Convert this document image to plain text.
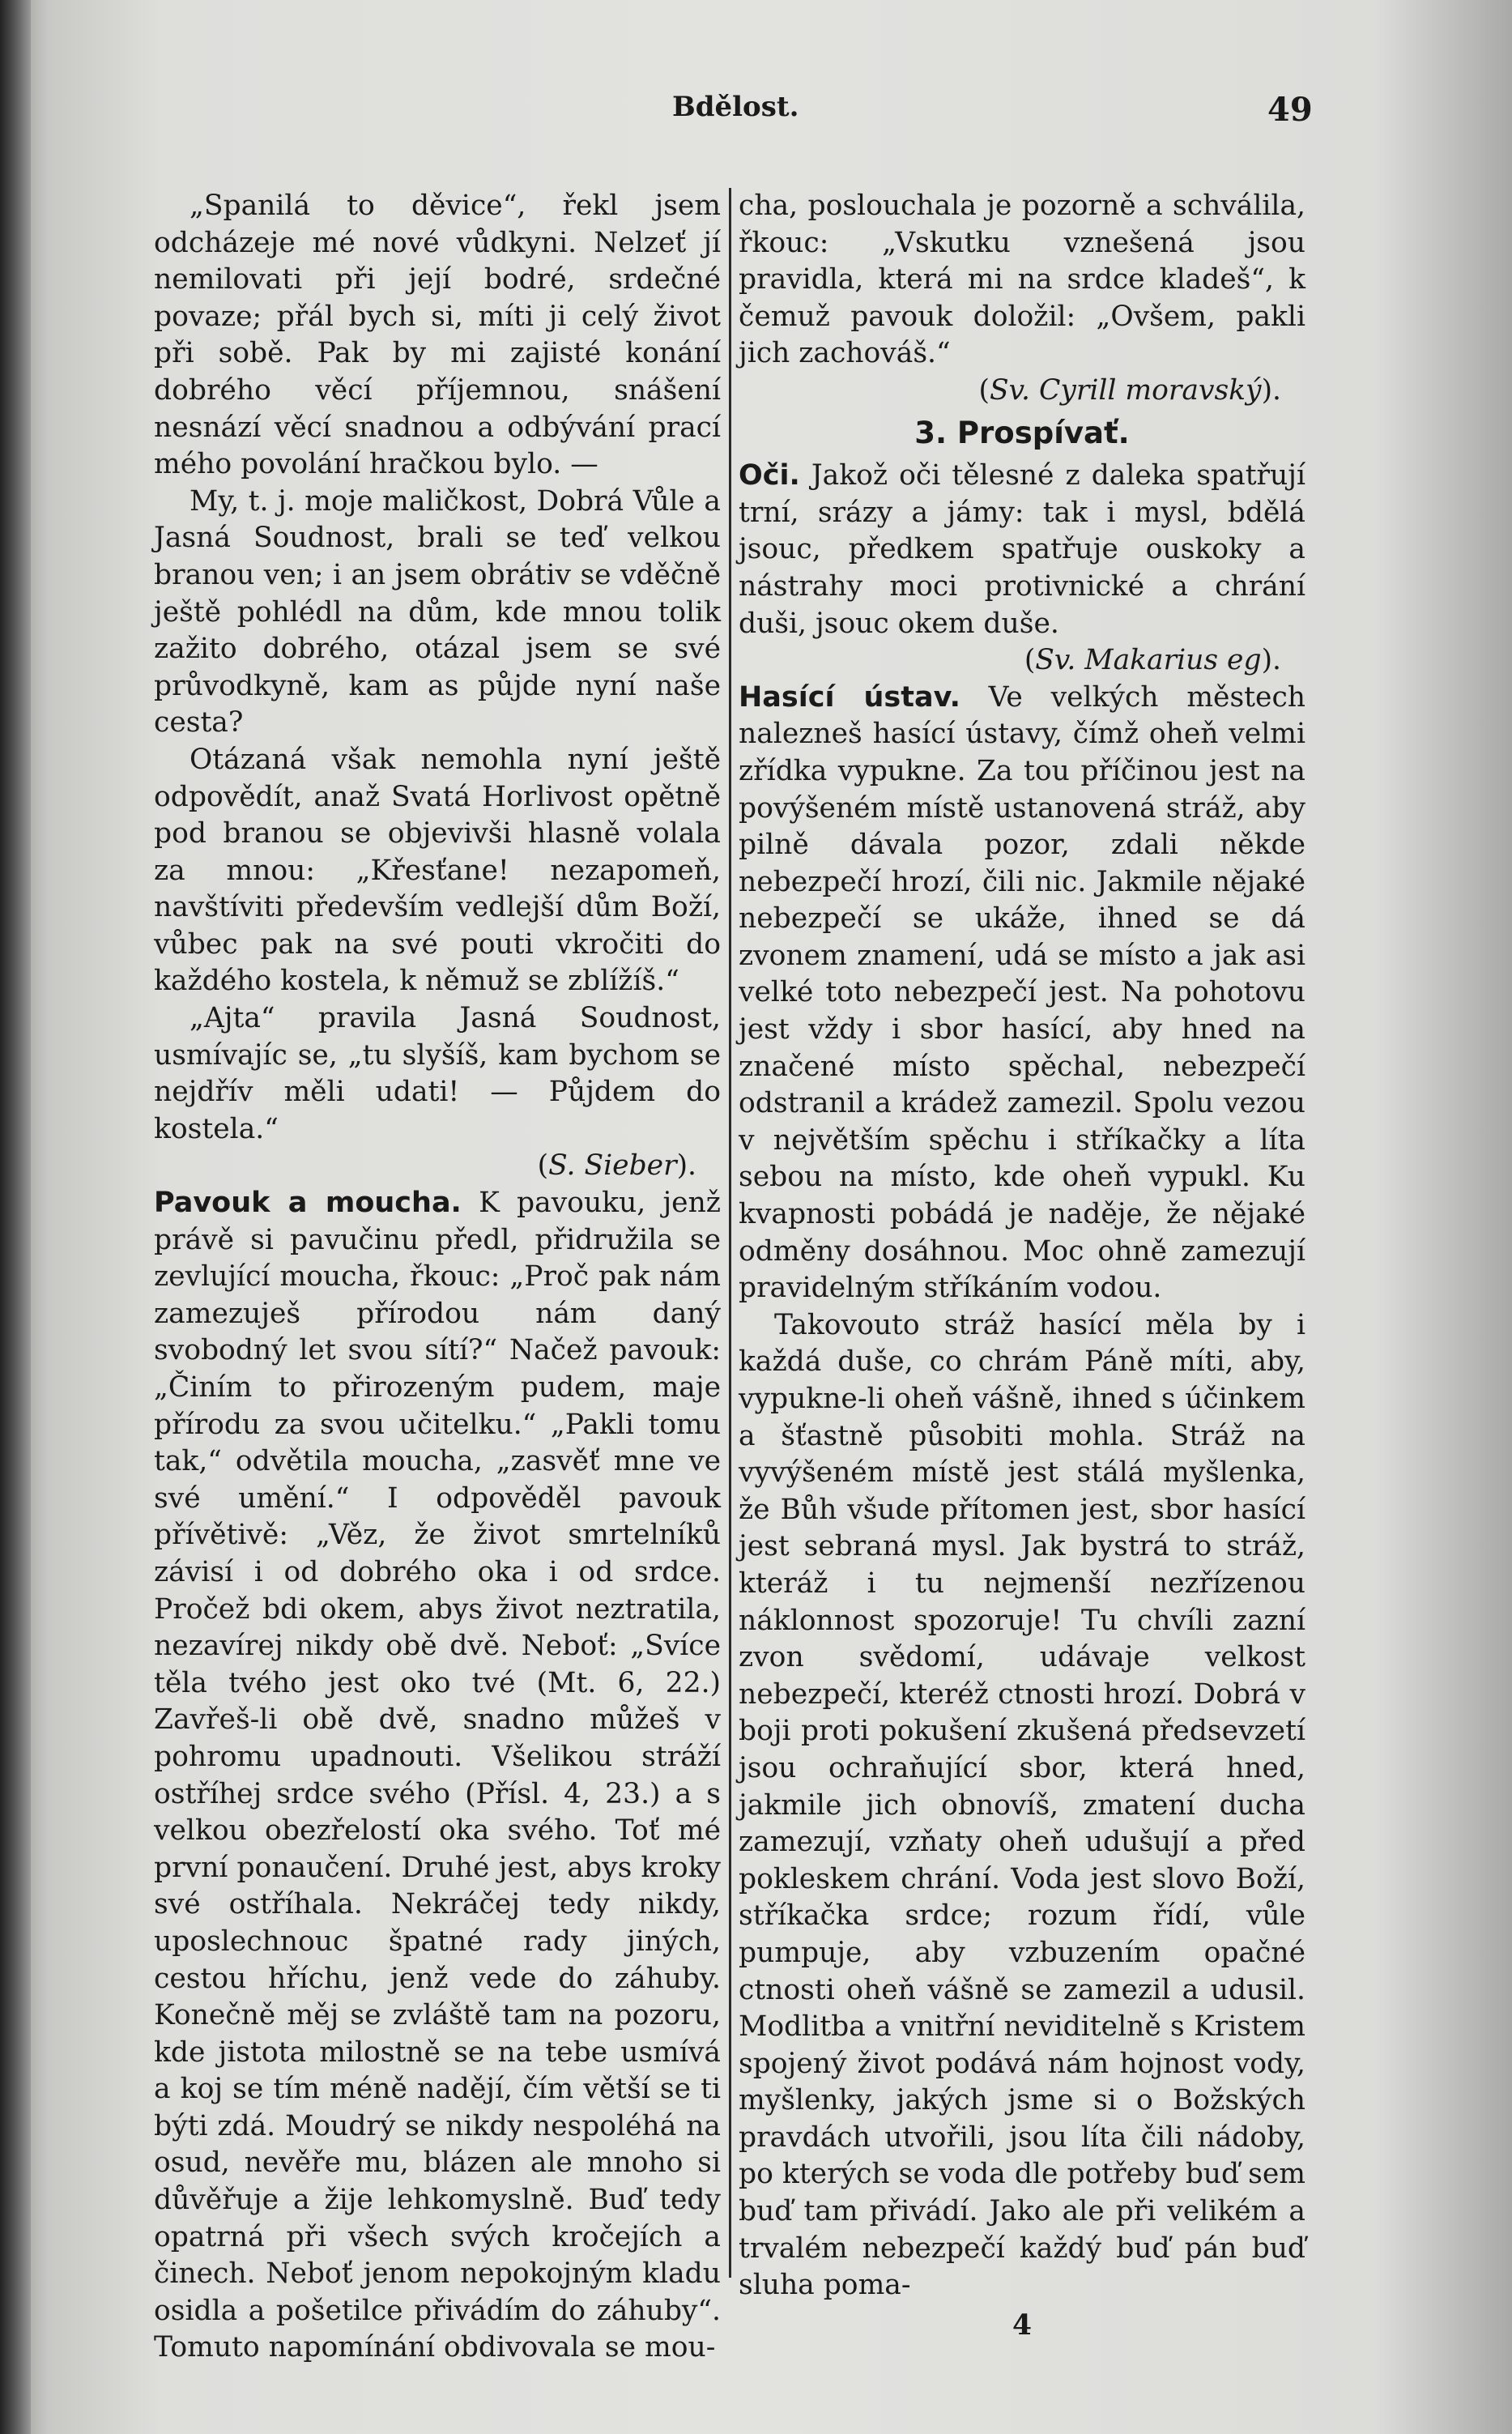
Bdělost.	49

„Spanilá to děvice“, řekl jsem odcházeje mé nové vůdkyni. Nelzeť jí nemilovati při její bodré, srdečné povaze; přál bych si, míti ji celý život při sobě. Pak by mi zajisté konání dobrého věcí příjemnou, snášení nesnází věcí snadnou a odbývání prací mého povolání hračkou bylo. —

My, t. j. moje maličkost, Dobrá Vůle a Jasná Soudnost, brali se teď velkou branou ven; i an jsem obrátiv se vděčně ještě pohlédl na dům, kde mnou tolik zažito dobrého, otázal jsem se své průvodkyně, kam as půjde nyní naše cesta?

Otázaná však nemohla nyní ještě odpovědít, anaž Svatá Horlivost opětně pod branou se objevivši hlasně volala za mnou: „Křesťane! nezapomeň, navštíviti především vedlejší dům Boží, vůbec pak na své pouti vkročiti do každého kostela, k němuž se zblížíš.“

„Ajta“ pravila Jasná Soudnost, usmívajíc se, „tu slyšíš, kam bychom se nejdřív měli udati! — Půjdem do kostela.“

(S. Sieber).

Pavouk a moucha. K pavouku, jenž právě si pavučinu předl, přidružila se zevlující moucha, řkouc: „Proč pak nám zamezuješ přírodou nám daný svobodný let svou sítí?“ Načež pavouk: „Činím to přirozeným pudem, maje přírodu za svou učitelku.“ „Pakli tomu tak,“ odvětila moucha, „zasvěť mne ve své umění.“ I odpověděl pavouk přívětivě: „Věz, že život smrtelníků závisí i od dobrého oka i od srdce. Pročež bdi okem, abys život neztratila, nezavírej nikdy obě dvě. Neboť: „Svíce těla tvého jest oko tvé (Mt. 6, 22.) Zavřeš-li obě dvě, snadno můžeš v pohromu upadnouti. Všelikou stráží ostříhej srdce svého (Přísl. 4, 23.) a s velkou obezřelostí oka svého. Toť mé první ponaučení. Druhé jest, abys kroky své ostříhala. Nekráčej tedy nikdy, uposlechnouc špatné rady jiných, cestou hříchu, jenž vede do záhuby. Konečně měj se zvláště tam na pozoru, kde jistota milostně se na tebe usmívá a koj se tím méně nadějí, čím větší se ti býti zdá. Moudrý se nikdy nespoléhá na osud, nevěře mu, blázen ale mnoho si důvěřuje a žije lehkomyslně. Buď tedy opatrná při všech svých kročejích a činech. Neboť jenom nepokojným kladu osidla a pošetilce přivádím do záhuby“. Tomuto napomínání obdivovala se mou-

cha, poslouchala je pozorně a schválila, řkouc: „Vskutku vznešená jsou pravidla, která mi na srdce kladeš“, k čemuž pavouk doložil: „Ovšem, pakli jich zachováš.“

(Sv. Cyrill moravský).

3. Prospívať.

Oči. Jakož oči tělesné z daleka spatřují trní, srázy a jámy: tak i mysl, bdělá jsouc, předkem spatřuje ouskoky a nástrahy moci protivnické a chrání duši, jsouc okem duše.

(Sv. Makarius eg).

Hasící ústav. Ve velkých městech nalezneš hasící ústavy, čímž oheň velmi zřídka vypukne. Za tou příčinou jest na povýšeném místě ustanovená stráž, aby pilně dávala pozor, zdali někde nebezpečí hrozí, čili nic. Jakmile nějaké nebezpečí se ukáže, ihned se dá zvonem znamení, udá se místo a jak asi velké toto nebezpečí jest. Na pohotovu jest vždy i sbor hasící, aby hned na značené místo spěchal, nebezpečí odstranil a krádež zamezil. Spolu vezou v největším spěchu i stříkačky a líta sebou na místo, kde oheň vypukl. Ku kvapnosti pobádá je naděje, že nějaké odměny dosáhnou. Moc ohně zamezují pravidelným stříkáním vodou.

Takovouto stráž hasící měla by i každá duše, co chrám Páně míti, aby, vypukne-li oheň vášně, ihned s účinkem a šťastně působiti mohla. Stráž na vyvýšeném místě jest stálá myšlenka, že Bůh všude přítomen jest, sbor hasící jest sebraná mysl. Jak bystrá to stráž, kteráž i tu nejmenší nezřízenou náklonnost spozoruje! Tu chvíli zazní zvon svědomí, udávaje velkost nebezpečí, kteréž ctnosti hrozí. Dobrá v boji proti pokušení zkušená předsevzetí jsou ochraňující sbor, která hned, jakmile jich obnovíš, zmatení ducha zamezují, vzňaty oheň udušují a před pokleskem chrání. Voda jest slovo Boží, stříkačka srdce; rozum řídí, vůle pumpuje, aby vzbuzením opačné ctnosti oheň vášně se zamezil a udusil. Modlitba a vnitřní neviditelně s Kristem spojený život podává nám hojnost vody, myšlenky, jakých jsme si o Božských pravdách utvořili, jsou líta čili nádoby, po kterých se voda dle potřeby buď sem buď tam přivádí. Jako ale při velikém a trvalém nebezpečí každý buď pán buď sluha poma-

4
